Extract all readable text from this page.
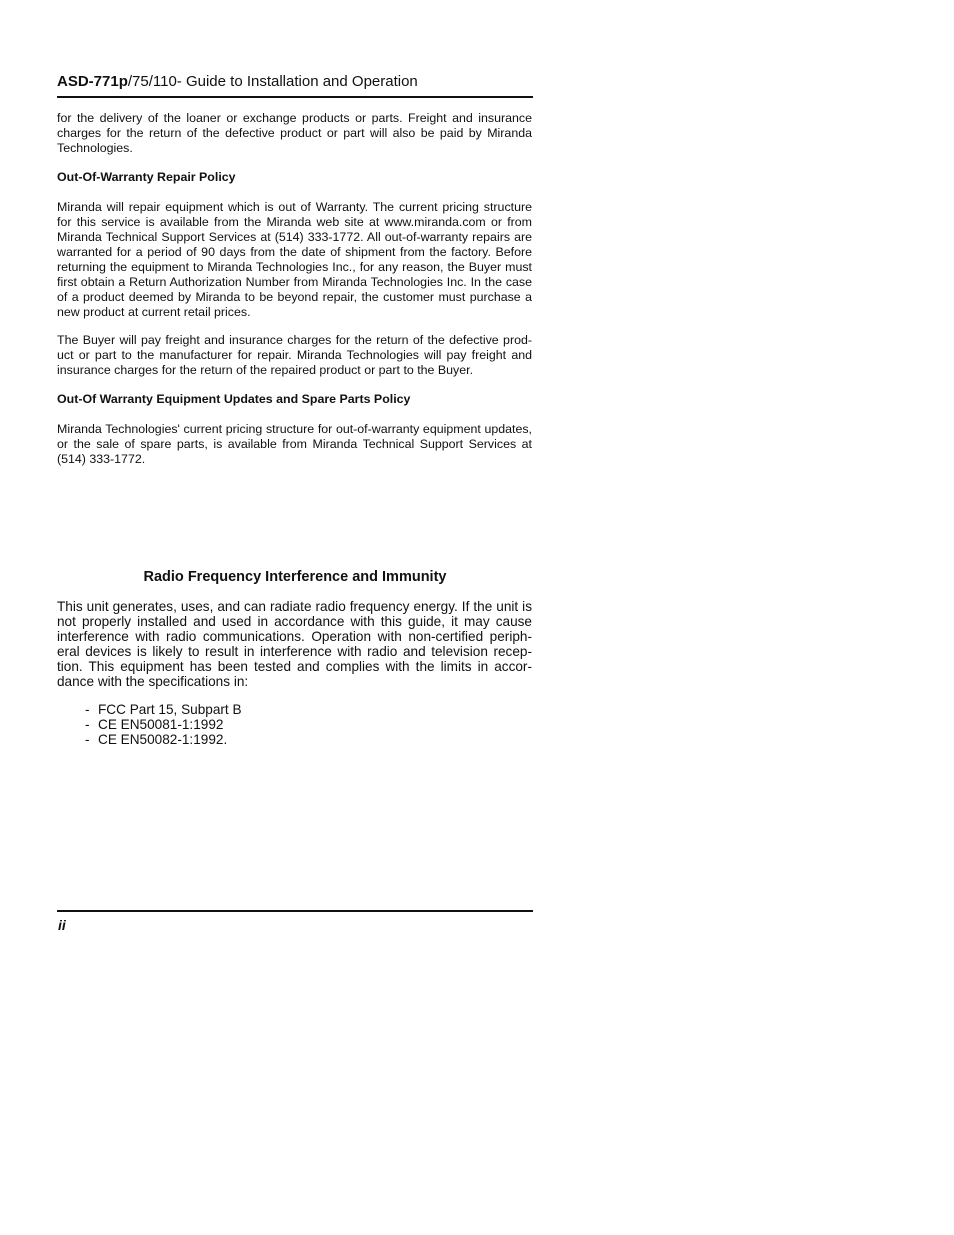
ASD-771p/75/110- Guide to Installation and Operation

for the delivery of the loaner or exchange products or parts. Freight and insurance charges for the return of the defective product or part will also be paid by Miranda Technologies.

Out-Of-Warranty Repair Policy

Miranda will repair equipment which is out of Warranty. The current pricing structure for this service is available from the Miranda web site at www.miranda.com or from Miranda Technical Support Services at (514) 333-1772. All out-of-warranty repairs are warranted for a period of 90 days from the date of shipment from the factory. Before returning the equipment to Miranda Technologies Inc., for any reason, the Buyer must first obtain a Return Authorization Number from Miranda Technologies Inc. In the case of a product deemed by Miranda to be beyond repair, the customer must purchase a new product at current retail prices.

The Buyer will pay freight and insurance charges for the return of the defective prod-uct or part to the manufacturer for repair. Miranda Technologies will pay freight and insurance charges for the return of the repaired product or part to the Buyer.

Out-Of Warranty Equipment Updates and Spare Parts Policy

Miranda Technologies' current pricing structure for out-of-warranty equipment updates, or the sale of spare parts, is available from Miranda Technical Support Services at (514) 333-1772.

Radio Frequency Interference and Immunity

This unit generates, uses, and can radiate radio frequency energy. If the unit is not properly installed and used in accordance with this guide, it may cause interference with radio communications. Operation with non-certified periph-eral devices is likely to result in interference with radio and television recep-tion. This equipment has been tested and complies with the limits in accor-dance with the specifications in:

- FCC Part 15, Subpart B
- CE EN50081-1:1992
- CE EN50082-1:1992.
ii
